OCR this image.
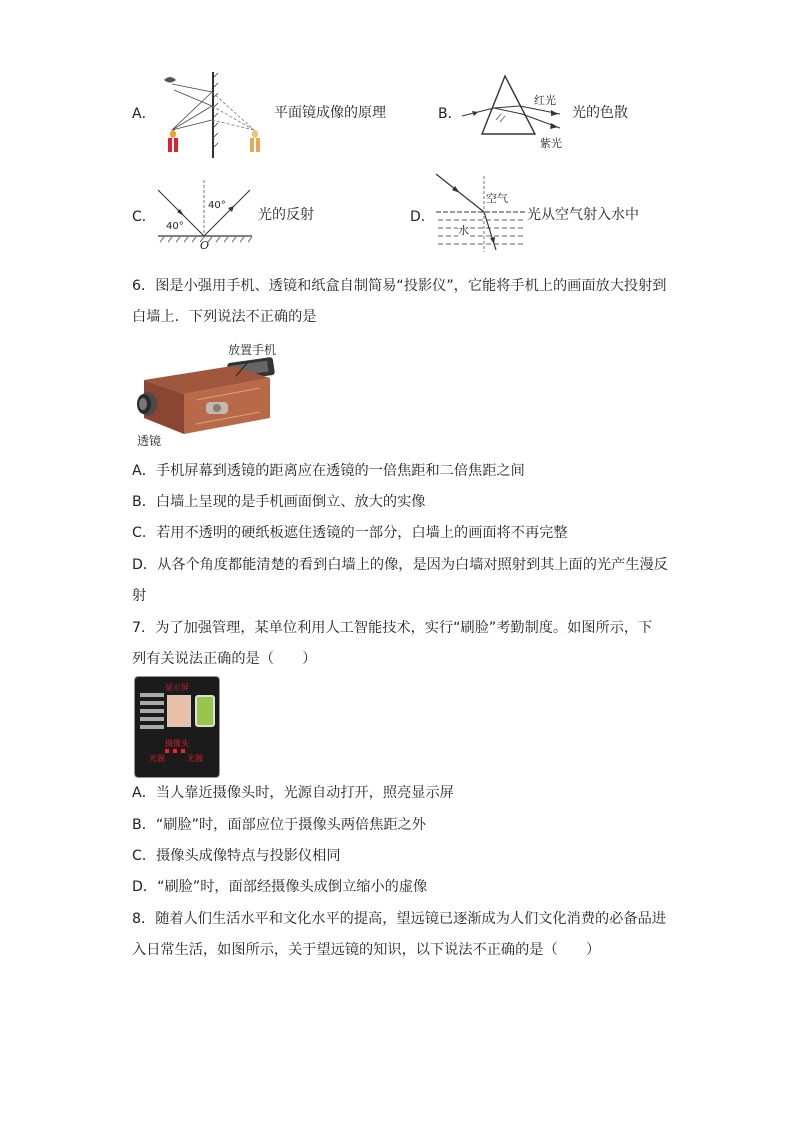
A．	平面镜成像的原理	B．
红光
紫光
光的色散
C．
40°
40°
O
光的反射	D．
空气
水
光从空气射入水中
6．图是小强用手机、透镜和纸盒自制简易“投影仪”，它能将手机上的画面放大投射到
白墙上．下列说法不正确的是
放置手机
透镜
A．手机屏幕到透镜的距离应在透镜的一倍焦距和二倍焦距之间
B．白墙上呈现的是手机画面倒立、放大的实像
C．若用不透明的硬纸板遮住透镜的一部分，白墙上的画面将不再完整
D．从各个角度都能清楚的看到白墙上的像，是因为白墙对照射到其上面的光产生漫反
射
7．为了加强管理，某单位利用人工智能技术，实行“刷脸”考勤制度。如图所示，下
列有关说法正确的是（　　）
显示屏
摄像头
光源	光源
A．当人靠近摄像头时，光源自动打开，照亮显示屏
B．“刷脸”时，面部应位于摄像头两倍焦距之外
C．摄像头成像特点与投影仪相同
D．“刷脸”时，面部经摄像头成倒立缩小的虚像
8．随着人们生活水平和文化水平的提高，望远镜已逐渐成为人们文化消费的必备品进
入日常生活，如图所示，关于望远镜的知识，以下说法不正确的是（　　）
